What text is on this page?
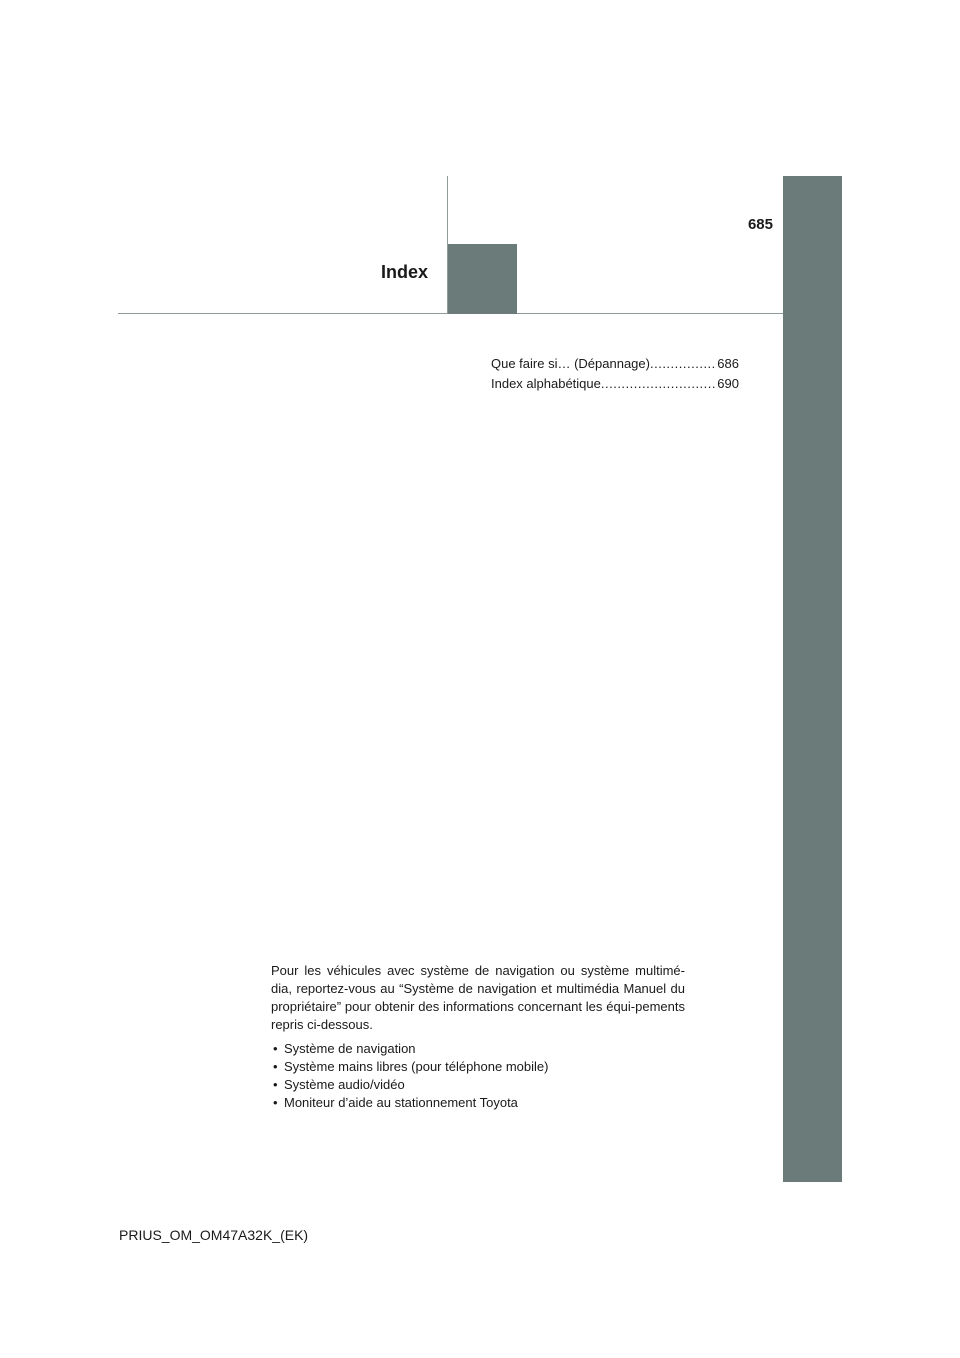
Index
685
Que faire si… (Dépannage) .....	686
Index alphabétique .....	690

Pour les véhicules avec système de navigation ou système multimé-dia, reportez-vous au “Système de navigation et multimédia Manuel du propriétaire” pour obtenir des informations concernant les équi-pements repris ci-dessous.

• Système de navigation
• Système mains libres (pour téléphone mobile)
• Système audio/vidéo
• Moniteur d’aide au stationnement Toyota
PRIUS_OM_OM47A32K_(EK)
